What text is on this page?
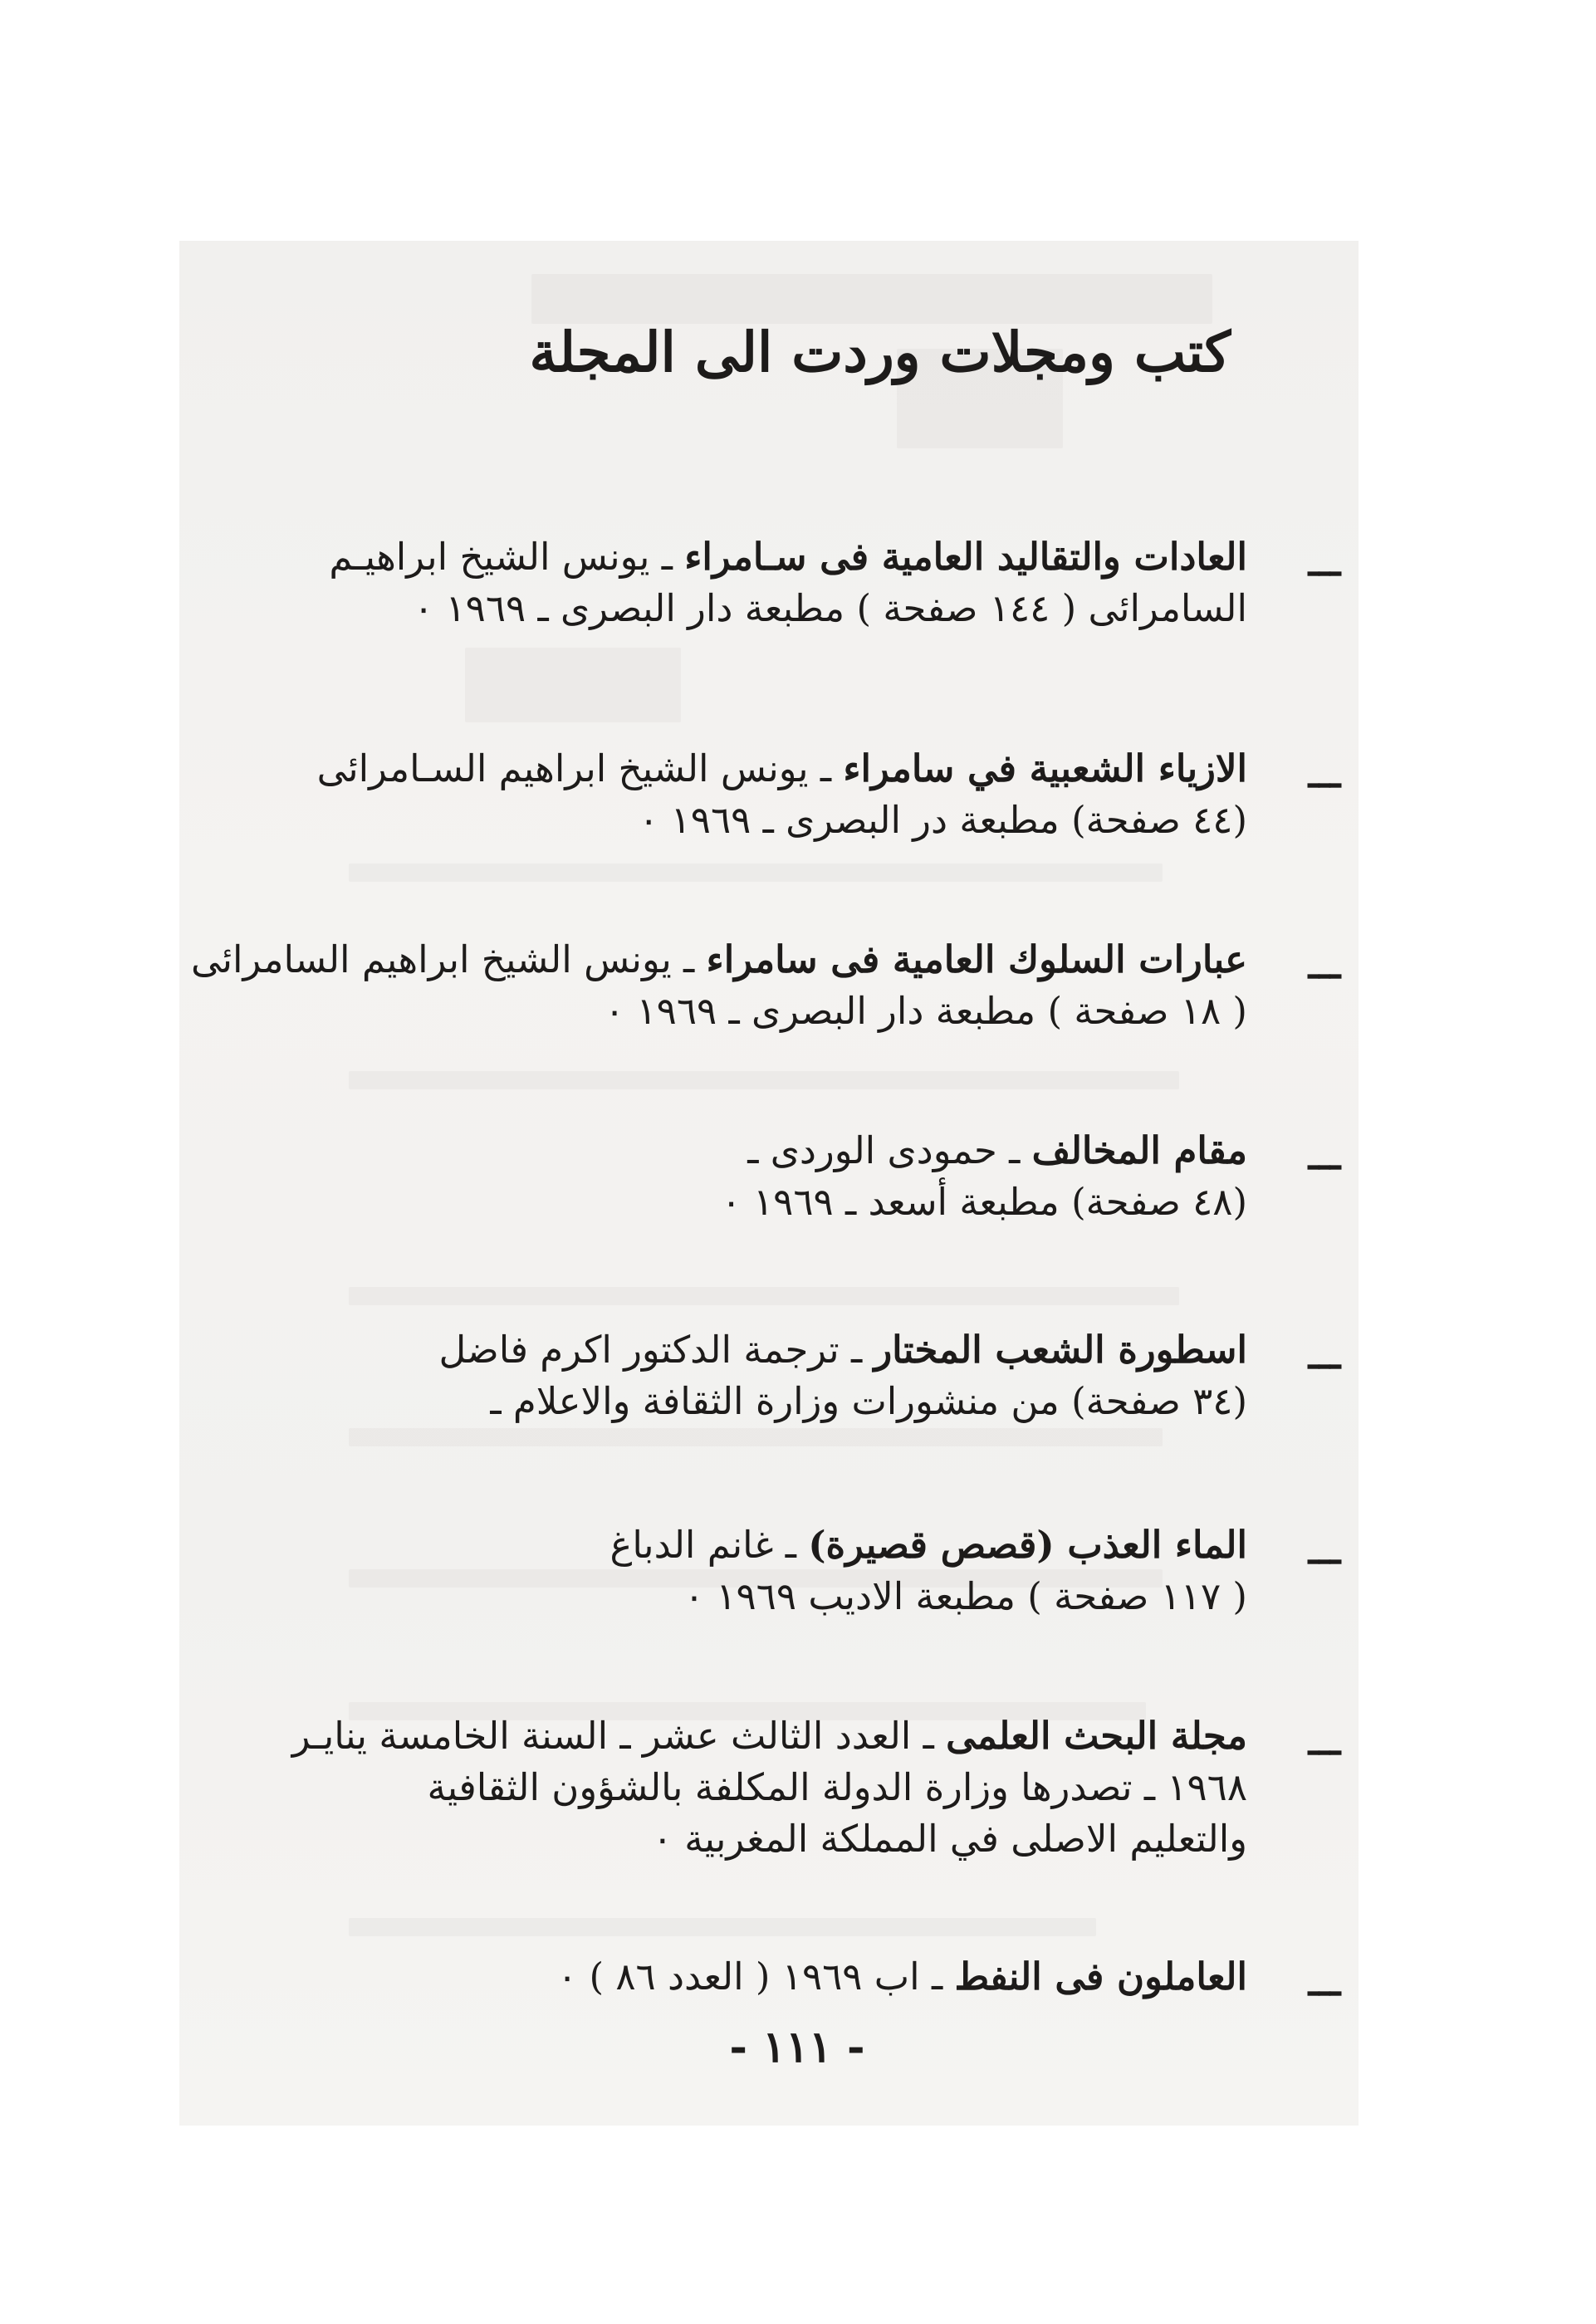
كتب ومجلات وردت الى المجلة
ـــ
العادات والتقاليد العامية فى سـامراء ـ يونس الشيخ ابراهيـم
السامرائى ( ١٤٤ صفحة ) مطبعة دار البصرى ـ ١٩٦٩ ٠
ـــ
الازياء الشعبية في سامراء ـ يونس الشيخ ابراهيم السـامرائى
(٤٤ صفحة) مطبعة در البصرى ـ ١٩٦٩ ٠
ـــ
عبارات السلوك العامية فى سامراء ـ يونس الشيخ ابراهيم السامرائى
( ١٨ صفحة ) مطبعة دار البصرى ـ ١٩٦٩ ٠
ـــ
مقام المخالف ـ حمودى الوردى ـ
(٤٨ صفحة) مطبعة أسعد ـ ١٩٦٩ ٠
ـــ
اسطورة الشعب المختار ـ ترجمة الدكتور اكرم فاضل
(٣٤ صفحة) من منشورات وزارة الثقافة والاعلام ـ
ـــ
الماء العذب (قصص قصيرة) ـ غانم الدباغ
( ١١٧ صفحة ) مطبعة الاديب ١٩٦٩ ٠
ـــ
مجلة البحث العلمى ـ العدد الثالث عشر ـ السنة الخامسة ينايـر
١٩٦٨ ـ تصدرها وزارة الدولة المكلفة بالشؤون الثقافية
والتعليم الاصلى في المملكة المغربية ٠
ـــ
العاملون فى النفط ـ اب ١٩٦٩ ( العدد ٨٦ ) ٠
- ١١١ -
